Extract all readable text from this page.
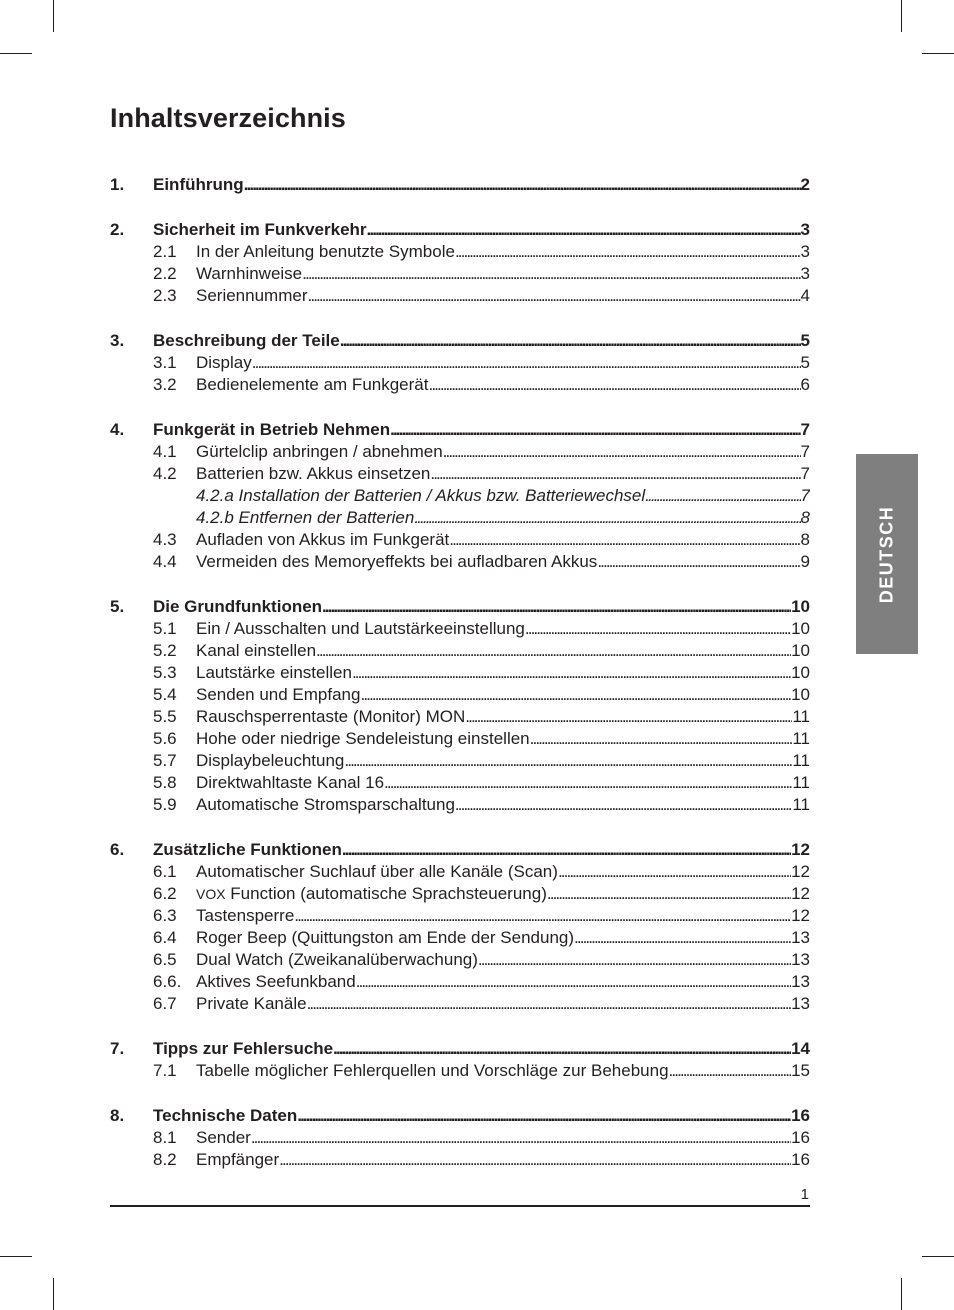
Inhaltsverzeichnis
1. Einführung . . .	2
2. Sicherheit im Funkverkehr . . .	3
2.1 In der Anleitung benutzte Symbole . . .	3
2.2 Warnhinweise . . .	3
2.3 Seriennummer . . .	4
3. Beschreibung der Teile . . .	5
3.1 Display . . .	5
3.2 Bedienelemente am Funkgerät . . .	6
4. Funkgerät in Betrieb Nehmen . . .	7
4.1 Gürtelclip anbringen / abnehmen . . .	7
4.2 Batterien bzw. Akkus einsetzen . . .	7
4.2.a Installation der Batterien / Akkus bzw. Batteriewechsel . . .	7
4.2.b Entfernen der Batterien . . .	8
4.3 Aufladen von Akkus im Funkgerät . . .	8
4.4 Vermeiden des Memoryeffekts bei aufladbaren Akkus . . .	9
5. Die Grundfunktionen . . .	10
5.1 Ein / Ausschalten und Lautstärkeeinstellung . . .	10
5.2 Kanal einstellen . . .	10
5.3 Lautstärke einstellen . . .	10
5.4 Senden und Empfang . . .	10
5.5 Rauschsperrentaste (Monitor) MON . . .	11
5.6 Hohe oder niedrige Sendeleistung einstellen . . .	11
5.7 Displaybeleuchtung . . .	11
5.8 Direktwahltaste Kanal 16 . . .	11
5.9 Automatische Stromsparschaltung . . .	11
6. Zusätzliche Funktionen . . .	12
6.1 Automatischer Suchlauf über alle Kanäle (Scan) . . .	12
6.2 VOX Function (automatische Sprachsteuerung) . . .	12
6.3 Tastensperre . . .	12
6.4 Roger Beep (Quittungston am Ende der Sendung) . . .	13
6.5 Dual Watch (Zweikanalüberwachung) . . .	13
6.6. Aktives Seefunkband . . .	13
6.7 Private Kanäle . . .	13
7. Tipps zur Fehlersuche . . .	14
7.1 Tabelle möglicher Fehlerquellen und Vorschläge zur Behebung . . .	15
8. Technische Daten . . .	16
8.1 Sender . . .	16
8.2 Empfänger . . .	16
DEUTSCH
1
